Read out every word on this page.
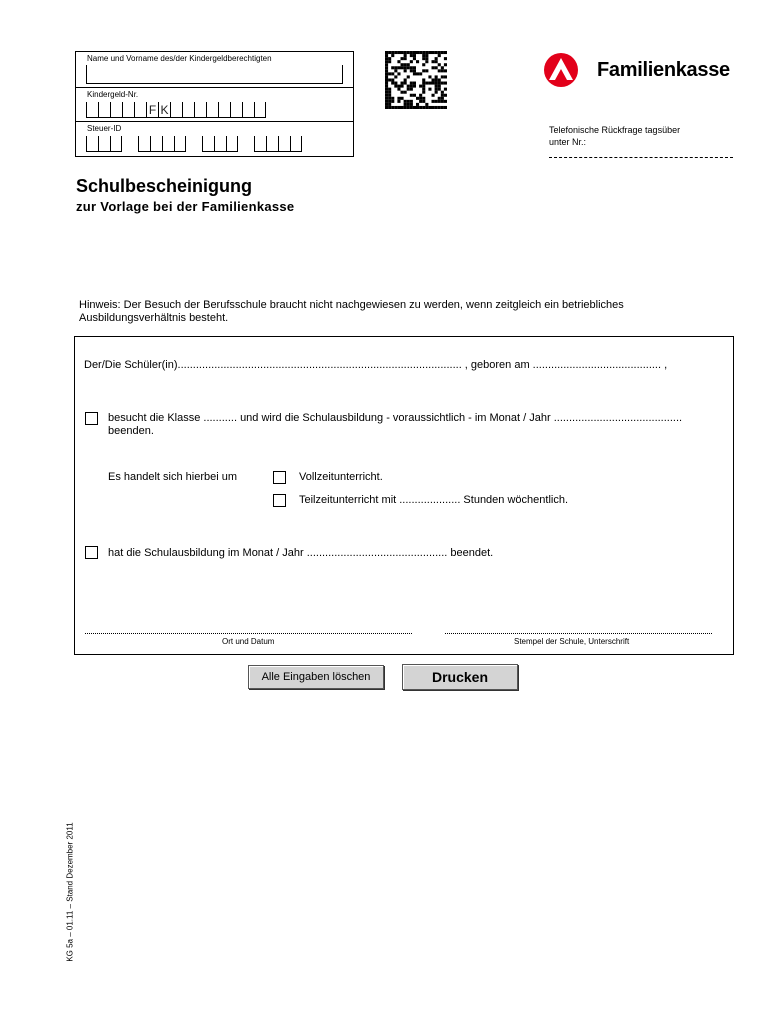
Name und Vorname des/der Kindergeldberechtigten
Kindergeld-Nr.
F K
Steuer-ID
Familienkasse
Telefonische Rückfrage tagsüber
unter Nr.:
Schulbescheinigung
zur Vorlage bei der Familienkasse
Hinweis: Der Besuch der Berufsschule braucht nicht nachgewiesen zu werden, wenn zeitgleich ein betriebliches Ausbildungsverhältnis besteht.
Der/Die Schüler(in)............................................................................................. , geboren am .......................................... ,
besucht die Klasse ........... und wird die Schulausbildung - voraussichtlich - im Monat / Jahr ..........................................
beenden.
Es handelt sich hierbei um	Vollzeitunterricht.
Teilzeitunterricht mit .................... Stunden wöchentlich.
hat die Schulausbildung im Monat / Jahr .............................................. beendet.
Ort und Datum	Stempel der Schule, Unterschrift
Alle Eingaben löschen	Drucken
KG 5a – 01.11 – Stand Dezember 2011
